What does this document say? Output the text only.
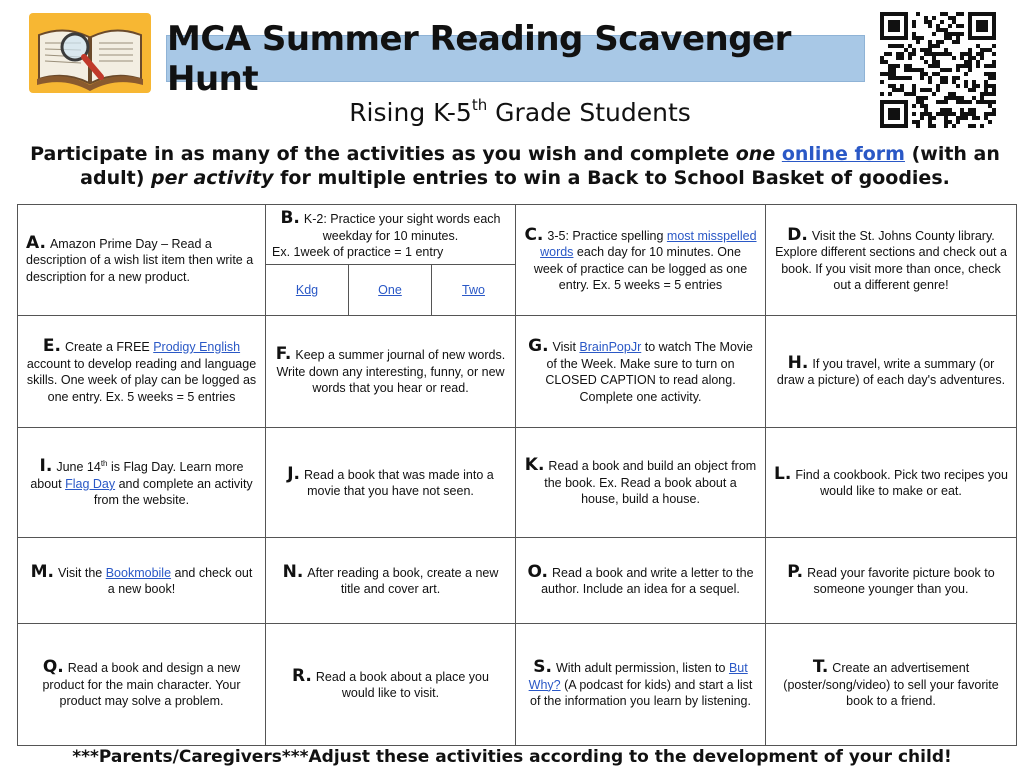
MCA Summer Reading Scavenger Hunt
Rising K-5th Grade Students
Participate in as many of the activities as you wish and complete one online form (with an adult) per activity for multiple entries to win a Back to School Basket of goodies.
A. Amazon Prime Day – Read a description of a wish list item then write a description for a new product.
B. K-2: Practice your sight words each weekday for 10 minutes.
Ex. 1week of practice = 1 entry
Kdg	One	Two
C. 3-5: Practice spelling most misspelled words each day for 10 minutes. One week of practice can be logged as one entry. Ex. 5 weeks = 5 entries
D. Visit the St. Johns County library. Explore different sections and check out a book. If you visit more than once, check out a different genre!
E. Create a FREE Prodigy English account to develop reading and language skills. One week of play can be logged as one entry. Ex. 5 weeks = 5 entries
F. Keep a summer journal of new words. Write down any interesting, funny, or new words that you hear or read.
G. Visit BrainPopJr to watch The Movie of the Week. Make sure to turn on CLOSED CAPTION to read along. Complete one activity.
H. If you travel, write a summary (or draw a picture) of each day's adventures.
I. June 14th is Flag Day. Learn more about Flag Day and complete an activity from the website.
J. Read a book that was made into a movie that you have not seen.
K. Read a book and build an object from the book. Ex. Read a book about a house, build a house.
L. Find a cookbook. Pick two recipes you would like to make or eat.
M. Visit the Bookmobile and check out a new book!
N. After reading a book, create a new title and cover art.
O. Read a book and write a letter to the author. Include an idea for a sequel.
P. Read your favorite picture book to someone younger than you.
Q. Read a book and design a new product for the main character. Your product may solve a problem.
R. Read a book about a place you would like to visit.
S. With adult permission, listen to But Why? (A podcast for kids) and start a list of the information you learn by listening.
T. Create an advertisement (poster/song/video) to sell your favorite book to a friend.
***Parents/Caregivers***Adjust these activities according to the development of your child!
